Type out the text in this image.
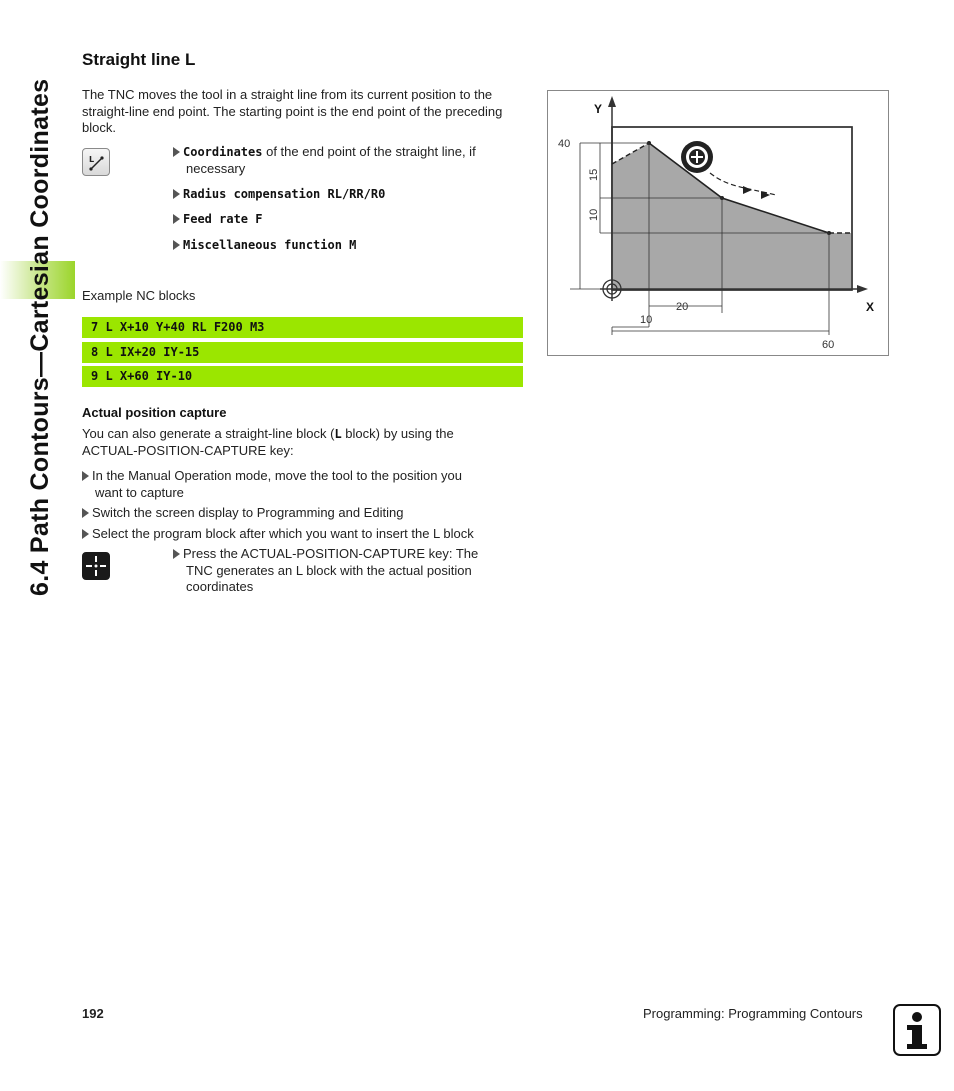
6.4 Path Contours—Cartesian Coordinates
Straight line L
The TNC moves the tool in a straight line from its current position to the straight-line end point. The starting point is the end point of the preceding block.
L
Coordinates of the end point of the straight line, if
necessary
Radius compensation RL/RR/R0
Feed rate F
Miscellaneous function M
Example NC blocks
7 L X+10 Y+40 RL F200 M3
8 L IX+20 IY-15
9 L X+60 IY-10
Actual position capture
You can also generate a straight-line block (L block) by using the
ACTUAL-POSITION-CAPTURE key:
In the Manual Operation mode, move the tool to the position you
want to capture
Switch the screen display to Programming and Editing
Select the program block after which you want to insert the L block
Press the ACTUAL-POSITION-CAPTURE key: The
TNC generates an L block with the actual position
coordinates
Y
X
40
15
10
20
10
60
192	Programming: Programming Contours
